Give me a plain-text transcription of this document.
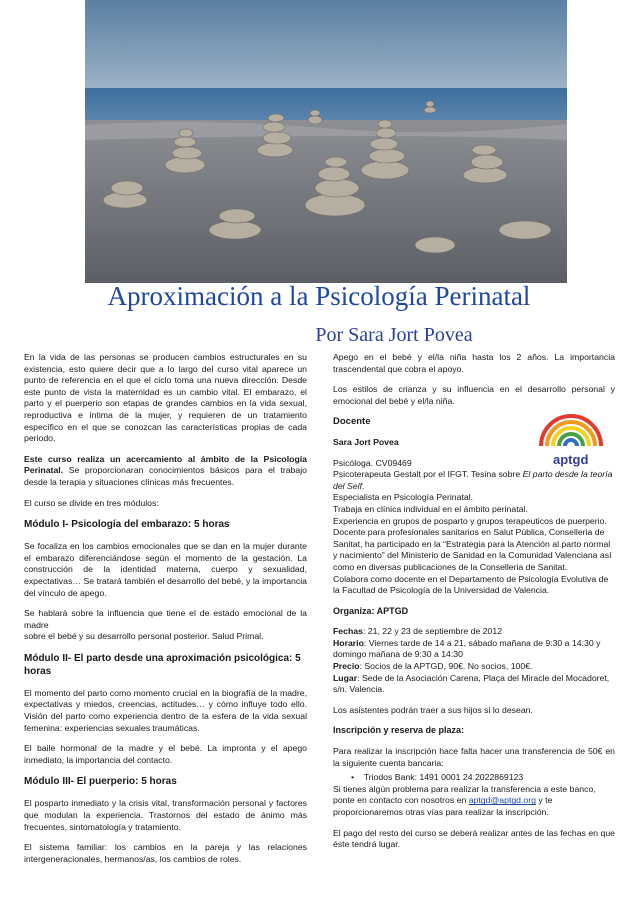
Aproximación a la Psicología Perinatal
Por Sara Jort Povea

En la vida de las personas se producen cambios estructurales en su existencia, esto quiere decir que a lo largo del curso vital aparece un punto de referencia en el que el ciclo toma una nueva dirección. Desde este punto de vista la maternidad es un cambio vital. El embarazo, el parto y el puerperio son etapas de grandes cambios en la vida sexual, reproductiva e íntima de la mujer, y requieren de un tratamiento específico en el que se conozcan las características propias de cada periodo.

Este curso realiza un acercamiento al ámbito de la Psicología Perinatal. Se proporcionaran conocimientos básicos para el trabajo desde la terapia y situaciones clínicas más frecuentes.

El curso se divide en tres módulos:

Módulo I- Psicología del embarazo: 5 horas

Se focaliza en los cambios emocionales que se dan en la mujer durante el embarazo diferenciándose según el momento de la gestación. La construcción de la identidad materna, cuerpo y sexualidad, expectativas… Se tratará también el desarrollo del bebé, y la importancia del vínculo de apego.

Se hablará sobre la influencia que tiene el de estado emocional de la madre
sobre el bebé y su desarrollo personal posterior. Salud Primal.

Módulo II- El parto desde una aproximación psicológica: 5 horas

El momento del parto como momento crucial en la biografía de la madre, expectativas y miedos, creencias, actitudes… y cómo influye todo ello. Visión del parto como experiencia dentro de la esfera de la vida sexual femenina: experiencias sexuales traumáticas.

El baile hormonal de la madre y el bebé. La impronta y el apego inmediato, la importancia del contacto.

Módulo III- El puerperio: 5 horas

El posparto inmediato y la crisis vital, transformación personal y factores que modulan la experiencia. Trastornos del estado de ánimo más frecuentes, sintomatología y tratamiento.

El sistema familiar: los cambios en la pareja y las relaciones intergeneracionales, hermanos/as, los cambios de roles.

Apego en el bebé y el/la niña hasta los 2 años. La importancia trascendental que cobra el apoyo.

Los estilos de crianza y su influencia en el desarrollo personal y emocional del bebé y el/la niña.

aptgd

Docente

Sara Jort Povea

Psicóloga. CV09469
Psicoterapeuta Gestalt por el IFGT. Tesina sobre El parto desde la teoría del Self.
Especialista en Psicología Perinatal.
Trabaja en clínica individual en el ámbito perinatal.
Experiencia en grupos de posparto y grupos terapeuticos de puerperio.
Docente para profesionales sanitarios en Salut Pública, Conselleria de Sanitat, ha participado en la “Estrategia para la Atención al parto normal y nacimiento” del Ministerio de Sanidad en la Comunidad Valenciana así como en diversas publicaciones de la Conselleria de Sanitat.
Colabora como docente en el Departamento de Psicología Evolutiva de la Facultad de Psicología de la Universidad de Valencia.

Organiza: APTGD

Fechas: 21, 22 y 23 de septiembre de 2012
Horario: Viernes tarde de 14 a 21, sábado mañana de 9:30 a 14:30 y domingo mañana de 9:30 a 14:30
Precio: Socios de la APTGD, 90€. No socios, 100€.
Lugar: Sede de la Asociación Carena, Plaça del Miracle del Mocadoret, s/n. Valencia.

Los asistentes podrán traer a sus hijos si lo desean.

Inscripción y reserva de plaza:

Para realizar la inscripción hace falta hacer una transferencia de 50€ en la siguiente cuenta bancaria:

•    Triodos Bank: 1491 0001 24 2022869123

Si tienes algún problema para realizar la transferencia a este banco, ponte en contacto con nosotros en aptgd@aptgd.org y te proporcionaremos otras vías para realizar la inscripción.

El pago del resto del curso se deberá realizar antes de las fechas en que éste tendrá lugar.
